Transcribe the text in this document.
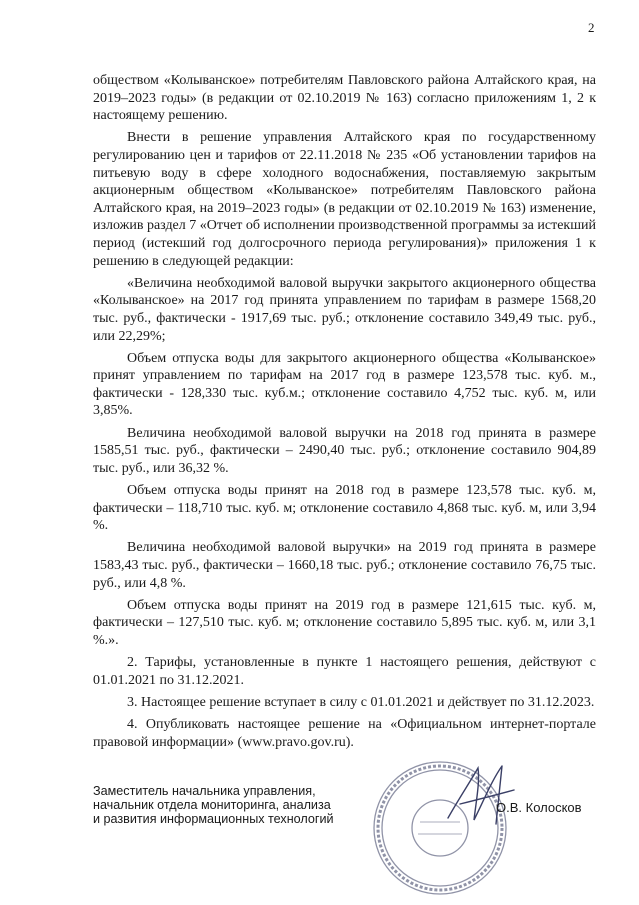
2

обществом «Колыванское» потребителям Павловского района Алтайского края, на 2019–2023 годы» (в редакции от 02.10.2019 № 163) согласно приложениям 1, 2 к настоящему решению.

Внести в решение управления Алтайского края по государственному регулированию цен и тарифов от 22.11.2018 № 235 «Об установлении тарифов на питьевую воду в сфере холодного водоснабжения, поставляемую закрытым акционерным обществом «Колыванское» потребителям Павловского района Алтайского края, на 2019–2023 годы» (в редакции от 02.10.2019 № 163) изменение, изложив раздел 7 «Отчет об исполнении производственной программы за истекший период (истекший год долгосрочного периода регулирования)» приложения 1 к решению в следующей редакции:

«Величина необходимой валовой выручки закрытого акционерного общества «Колыванское» на 2017 год принята управлением по тарифам в размере 1568,20 тыс. руб., фактически - 1917,69 тыс. руб.; отклонение составило 349,49 тыс. руб., или 22,29%;

Объем отпуска воды для закрытого акционерного общества «Колыванское» принят управлением по тарифам на 2017 год в размере 123,578 тыс. куб. м., фактически - 128,330 тыс. куб.м.; отклонение составило 4,752 тыс. куб. м, или 3,85%.

Величина необходимой валовой выручки на 2018 год принята в размере 1585,51 тыс. руб., фактически – 2490,40 тыс. руб.; отклонение составило 904,89 тыс. руб., или 36,32 %.

Объем отпуска воды принят на 2018 год в размере 123,578 тыс. куб. м, фактически – 118,710 тыс. куб. м; отклонение составило 4,868 тыс. куб. м, или 3,94 %.

Величина необходимой валовой выручки» на 2019 год принята в размере 1583,43 тыс. руб., фактически – 1660,18 тыс. руб.; отклонение составило 76,75 тыс. руб., или 4,8 %.

Объем отпуска воды принят на 2019 год в размере 121,615 тыс. куб. м, фактически – 127,510 тыс. куб. м; отклонение составило 5,895 тыс. куб. м, или 3,1 %.».

2. Тарифы, установленные в пункте 1 настоящего решения, действуют с 01.01.2021 по 31.12.2021.

3. Настоящее решение вступает в силу с 01.01.2021 и действует по 31.12.2023.

4. Опубликовать настоящее решение на «Официальном интернет-портале правовой информации» (www.pravo.gov.ru).

Заместитель начальника управления,
начальник отдела мониторинга, анализа
и развития информационных технологий
О.В. Колосков
